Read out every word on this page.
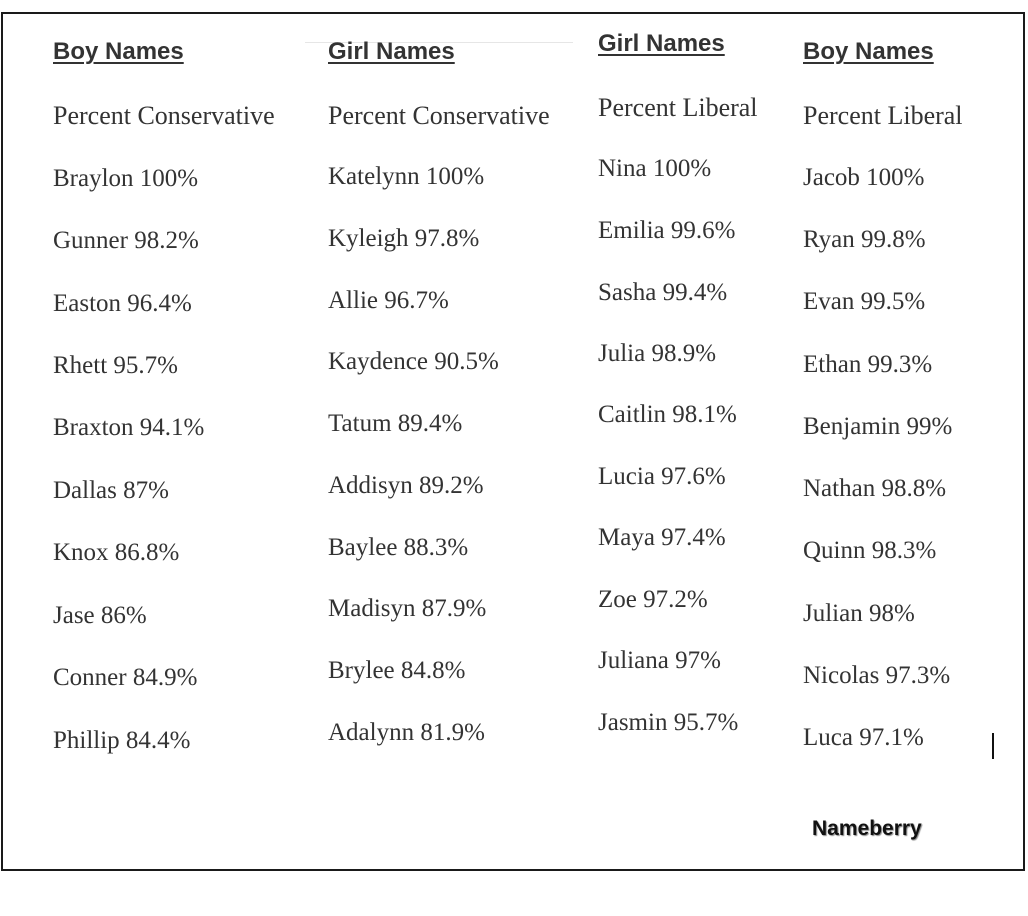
Boy Names
Percent Conservative
Braylon 100%
Gunner 98.2%
Easton 96.4%
Rhett 95.7%
Braxton 94.1%
Dallas 87%
Knox 86.8%
Jase 86%
Conner 84.9%
Phillip 84.4%
Girl Names
Percent Conservative
Katelynn 100%
Kyleigh 97.8%
Allie 96.7%
Kaydence 90.5%
Tatum 89.4%
Addisyn 89.2%
Baylee 88.3%
Madisyn 87.9%
Brylee 84.8%
Adalynn 81.9%
Girl Names
Percent Liberal
Nina 100%
Emilia 99.6%
Sasha 99.4%
Julia 98.9%
Caitlin 98.1%
Lucia 97.6%
Maya 97.4%
Zoe 97.2%
Juliana 97%
Jasmin 95.7%
Boy Names
Percent Liberal
Jacob 100%
Ryan 99.8%
Evan 99.5%
Ethan 99.3%
Benjamin 99%
Nathan 98.8%
Quinn 98.3%
Julian 98%
Nicolas 97.3%
Luca 97.1%
Nameberry
